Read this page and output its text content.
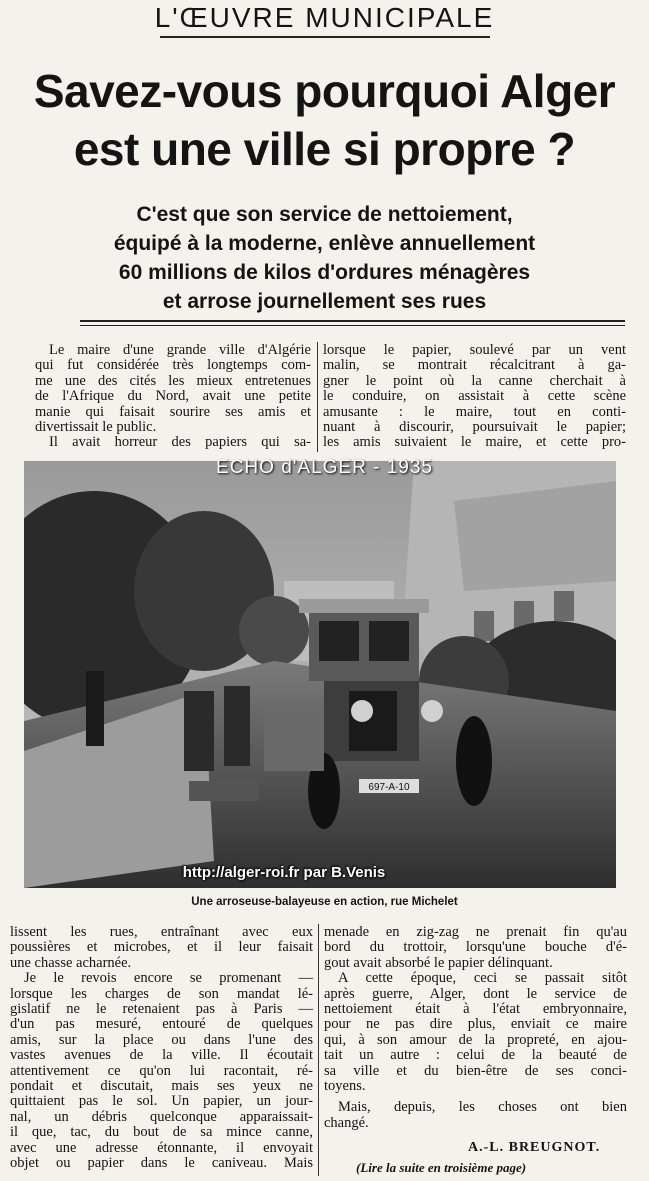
L'ŒUVRE MUNICIPALE
Savez-vous pourquoi Alger
est une ville si propre ?
C'est que son service de nettoiement,
équipé à la moderne, enlève annuellement
60 millions de kilos d'ordures ménagères
et arrose journellement ses rues
Le maire d'une grande ville d'Algérie
qui fut considérée très longtemps com-
me une des cités les mieux entretenues
de l'Afrique du Nord, avait une petite
manie qui faisait sourire ses amis et
divertissait le public.
Il avait horreur des papiers qui sa-
lorsque le papier, soulevé par un vent
malin, se montrait récalcitrant à ga-
gner le point où la canne cherchait à
le conduire, on assistait à cette scène
amusante : le maire, tout en conti-
nuant à discourir, poursuivait le papier;
les amis suivaient le maire, et cette pro-
697-A-10
ECHO d'ALGER - 1935
http://alger-roi.fr par B.Venis
Une arroseuse-balayeuse en action, rue Michelet
lissent les rues, entraînant avec eux
poussières et microbes, et il leur faisait
une chasse acharnée.
Je le revois encore se promenant —
lorsque les charges de son mandat lé-
gislatif ne le retenaient pas à Paris —
d'un pas mesuré, entouré de quelques
amis, sur la place ou dans l'une des
vastes avenues de la ville. Il écoutait
attentivement ce qu'on lui racontait, ré-
pondait et discutait, mais ses yeux ne
quittaient pas le sol. Un papier, un jour-
nal, un débris quelconque apparaissait-
il que, tac, du bout de sa mince canne,
avec une adresse étonnante, il envoyait
objet ou papier dans le caniveau. Mais
menade en zig-zag ne prenait fin qu'au
bord du trottoir, lorsqu'une bouche d'é-
gout avait absorbé le papier délinquant.
A cette époque, ceci se passait sitôt
après guerre, Alger, dont le service de
nettoiement était à l'état embryonnaire,
pour ne pas dire plus, enviait ce maire
qui, à son amour de la propreté, en ajou-
tait un autre : celui de la beauté de
sa ville et du bien-être de ses conci-
toyens.
Mais, depuis, les choses ont bien
changé.
A.-L. BREUGNOT.
(Lire la suite en troisième page)
